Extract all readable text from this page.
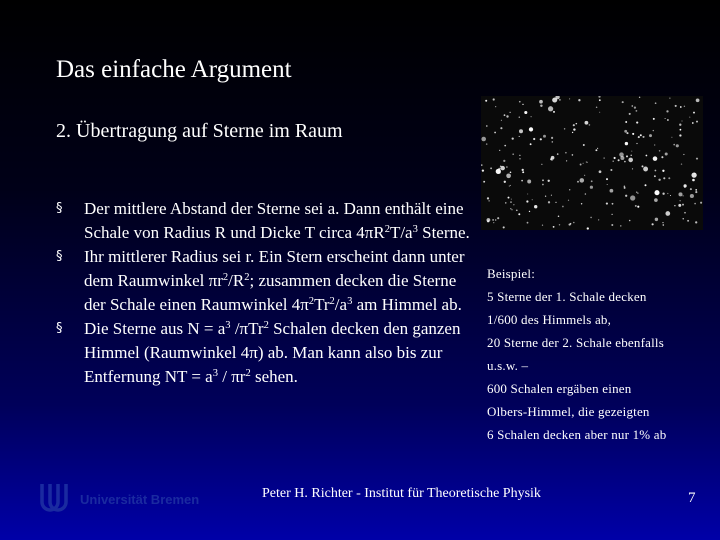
Das einfache Argument
2. Übertragung auf Sterne im Raum
§ Der mittlere Abstand der Sterne sei a. Dann enthält eine Schale von Radius R und Dicke T circa $4\pi R^2T/a^3$ Sterne.
§ Ihr mittlerer Radius sei r. Ein Stern erscheint dann unter dem Raumwinkel $\pi r^2/R^2$; zusammen decken die Sterne der Schale einen Raumwinkel $4\pi^2Tr^2/a^3$ am Himmel ab.
§ Die Sterne aus $N = a^3$ /πTr$^2$ Schalen decken den ganzen Himmel (Raumwinkel 4π) ab. Man kann also bis zur Entfernung NT = $a^3 / \pi r^2$ sehen.
Beispiel:
5 Sterne der 1. Schale decken
1/600 des Himmels ab,
20 Sterne der 2. Schale ebenfalls
u.s.w. –
600 Schalen ergäben einen
Olbers-Himmel, die gezeigten
6 Schalen decken aber nur 1% ab
Universität Bremen	Peter H. Richter - Institut für Theoretische Physik	7
